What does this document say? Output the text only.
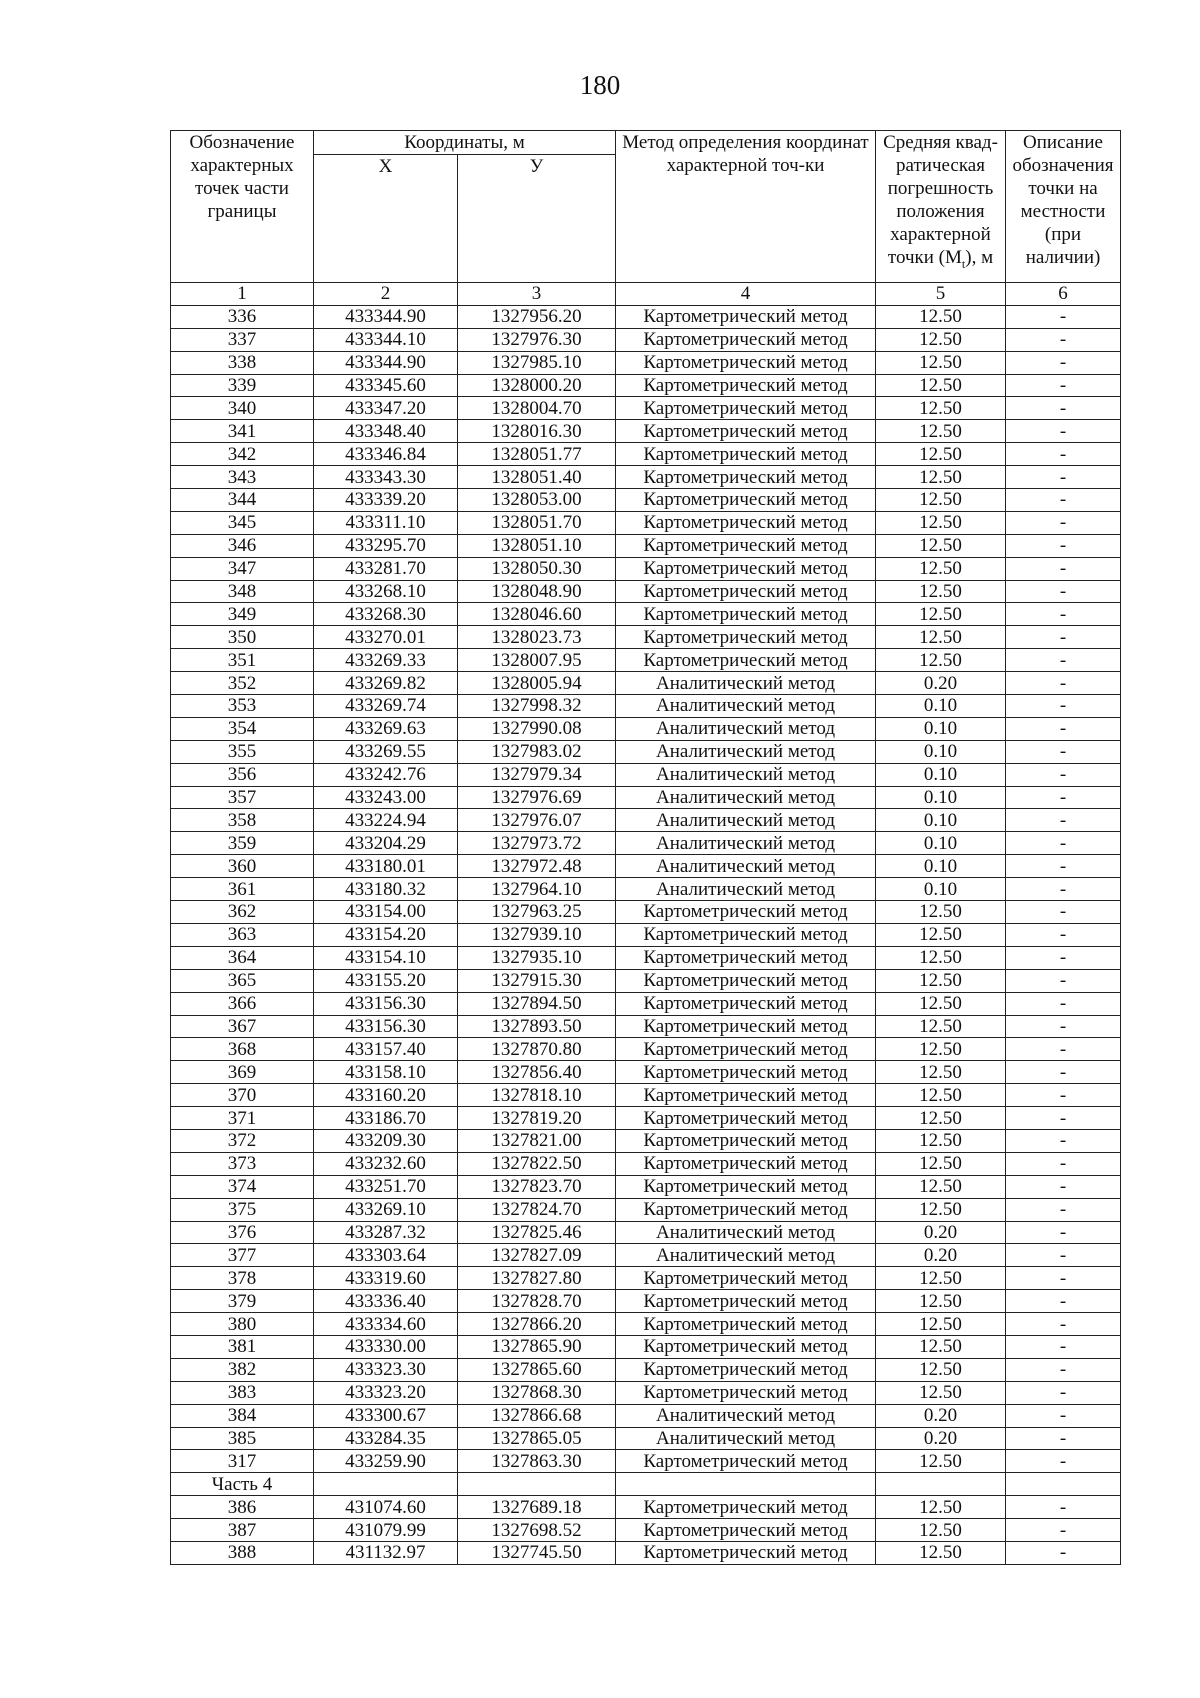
180
Обозначение характерных точек части границы	Координаты, м		Метод определения координат характерной точ-ки	Средняя квад-ратическая погрешность положения характерной точки $(M_t)$, м	Описание обозначения точки на местности (при наличии)
	X	У			
1	2	3	4	5	6
336	433344.90	1327956.20	Картометрический метод	12.50	-
337	433344.10	1327976.30	Картометрический метод	12.50	-
338	433344.90	1327985.10	Картометрический метод	12.50	-
339	433345.60	1328000.20	Картометрический метод	12.50	-
340	433347.20	1328004.70	Картометрический метод	12.50	-
341	433348.40	1328016.30	Картометрический метод	12.50	-
342	433346.84	1328051.77	Картометрический метод	12.50	-
343	433343.30	1328051.40	Картометрический метод	12.50	-
344	433339.20	1328053.00	Картометрический метод	12.50	-
345	433311.10	1328051.70	Картометрический метод	12.50	-
346	433295.70	1328051.10	Картометрический метод	12.50	-
347	433281.70	1328050.30	Картометрический метод	12.50	-
348	433268.10	1328048.90	Картометрический метод	12.50	-
349	433268.30	1328046.60	Картометрический метод	12.50	-
350	433270.01	1328023.73	Картометрический метод	12.50	-
351	433269.33	1328007.95	Картометрический метод	12.50	-
352	433269.82	1328005.94	Аналитический метод	0.20	-
353	433269.74	1327998.32	Аналитический метод	0.10	-
354	433269.63	1327990.08	Аналитический метод	0.10	-
355	433269.55	1327983.02	Аналитический метод	0.10	-
356	433242.76	1327979.34	Аналитический метод	0.10	-
357	433243.00	1327976.69	Аналитический метод	0.10	-
358	433224.94	1327976.07	Аналитический метод	0.10	-
359	433204.29	1327973.72	Аналитический метод	0.10	-
360	433180.01	1327972.48	Аналитический метод	0.10	-
361	433180.32	1327964.10	Аналитический метод	0.10	-
362	433154.00	1327963.25	Картометрический метод	12.50	-
363	433154.20	1327939.10	Картометрический метод	12.50	-
364	433154.10	1327935.10	Картометрический метод	12.50	-
365	433155.20	1327915.30	Картометрический метод	12.50	-
366	433156.30	1327894.50	Картометрический метод	12.50	-
367	433156.30	1327893.50	Картометрический метод	12.50	-
368	433157.40	1327870.80	Картометрический метод	12.50	-
369	433158.10	1327856.40	Картометрический метод	12.50	-
370	433160.20	1327818.10	Картометрический метод	12.50	-
371	433186.70	1327819.20	Картометрический метод	12.50	-
372	433209.30	1327821.00	Картометрический метод	12.50	-
373	433232.60	1327822.50	Картометрический метод	12.50	-
374	433251.70	1327823.70	Картометрический метод	12.50	-
375	433269.10	1327824.70	Картометрический метод	12.50	-
376	433287.32	1327825.46	Аналитический метод	0.20	-
377	433303.64	1327827.09	Аналитический метод	0.20	-
378	433319.60	1327827.80	Картометрический метод	12.50	-
379	433336.40	1327828.70	Картометрический метод	12.50	-
380	433334.60	1327866.20	Картометрический метод	12.50	-
381	433330.00	1327865.90	Картометрический метод	12.50	-
382	433323.30	1327865.60	Картометрический метод	12.50	-
383	433323.20	1327868.30	Картометрический метод	12.50	-
384	433300.67	1327866.68	Аналитический метод	0.20	-
385	433284.35	1327865.05	Аналитический метод	0.20	-
317	433259.90	1327863.30	Картометрический метод	12.50	-
Часть 4					
386	431074.60	1327689.18	Картометрический метод	12.50	-
387	431079.99	1327698.52	Картометрический метод	12.50	-
388	431132.97	1327745.50	Картометрический метод	12.50	-
